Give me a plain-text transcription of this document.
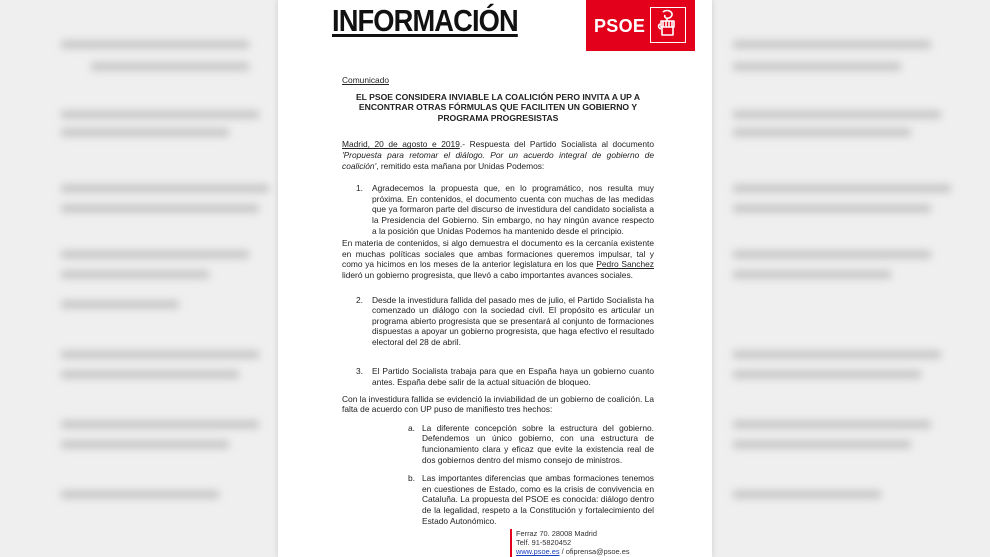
INFORMACIÓN	PSOE

Comunicado

EL PSOE CONSIDERA INVIABLE LA COALICIÓN PERO INVITA A UP A ENCONTRAR OTRAS FÓRMULAS QUE FACILITEN UN GOBIERNO Y PROGRAMA PROGRESISTAS

Madrid, 20 de agosto e 2019.- Respuesta del Partido Socialista al documento 'Propuesta para retomar el diálogo. Por un acuerdo integral de gobierno de coalición', remitido esta mañana por Unidas Podemos:

1.	Agradecemos la propuesta que, en lo programático, nos resulta muy próxima. En contenidos, el documento cuenta con muchas de las medidas que ya formaron parte del discurso de investidura del candidato socialista a la Presidencia del Gobierno. Sin embargo, no hay ningún avance respecto a la posición que Unidas Podemos ha mantenido desde el principio.

En materia de contenidos, si algo demuestra el documento es la cercanía existente en muchas políticas sociales que ambas formaciones queremos impulsar, tal y como ya hicimos en los meses de la anterior legislatura en los que Pedro Sanchez lideró un gobierno progresista, que llevó a cabo importantes avances sociales.

2.	Desde la investidura fallida del pasado mes de julio, el Partido Socialista ha comenzado un diálogo con la sociedad civil. El propósito es articular un programa abierto progresista que se presentará al conjunto de formaciones dispuestas a apoyar un gobierno progresista, que haga efectivo el resultado electoral del 28 de abril.
3.	El Partido Socialista trabaja para que en España haya un gobierno cuanto antes. España debe salir de la actual situación de bloqueo.

Con la investidura fallida se evidenció la inviabilidad de un gobierno de coalición. La falta de acuerdo con UP puso de manifiesto tres hechos:

a. La diferente concepción sobre la estructura del gobierno. Defendemos un único gobierno, con una estructura de funcionamiento clara y eficaz que evite la existencia real de dos gobiernos dentro del mismo consejo de ministros.
b. Las importantes diferencias que ambas formaciones tenemos en cuestiones de Estado, como es la crisis de convivencia en Cataluña. La propuesta del PSOE es conocida: diálogo dentro de la legalidad, respeto a la Constitución y fortalecimiento del Estado Autonómico.
Ferraz 70. 28008 Madrid
Telf. 91-5820452
www.psoe.es / ofiprensa@psoe.es
